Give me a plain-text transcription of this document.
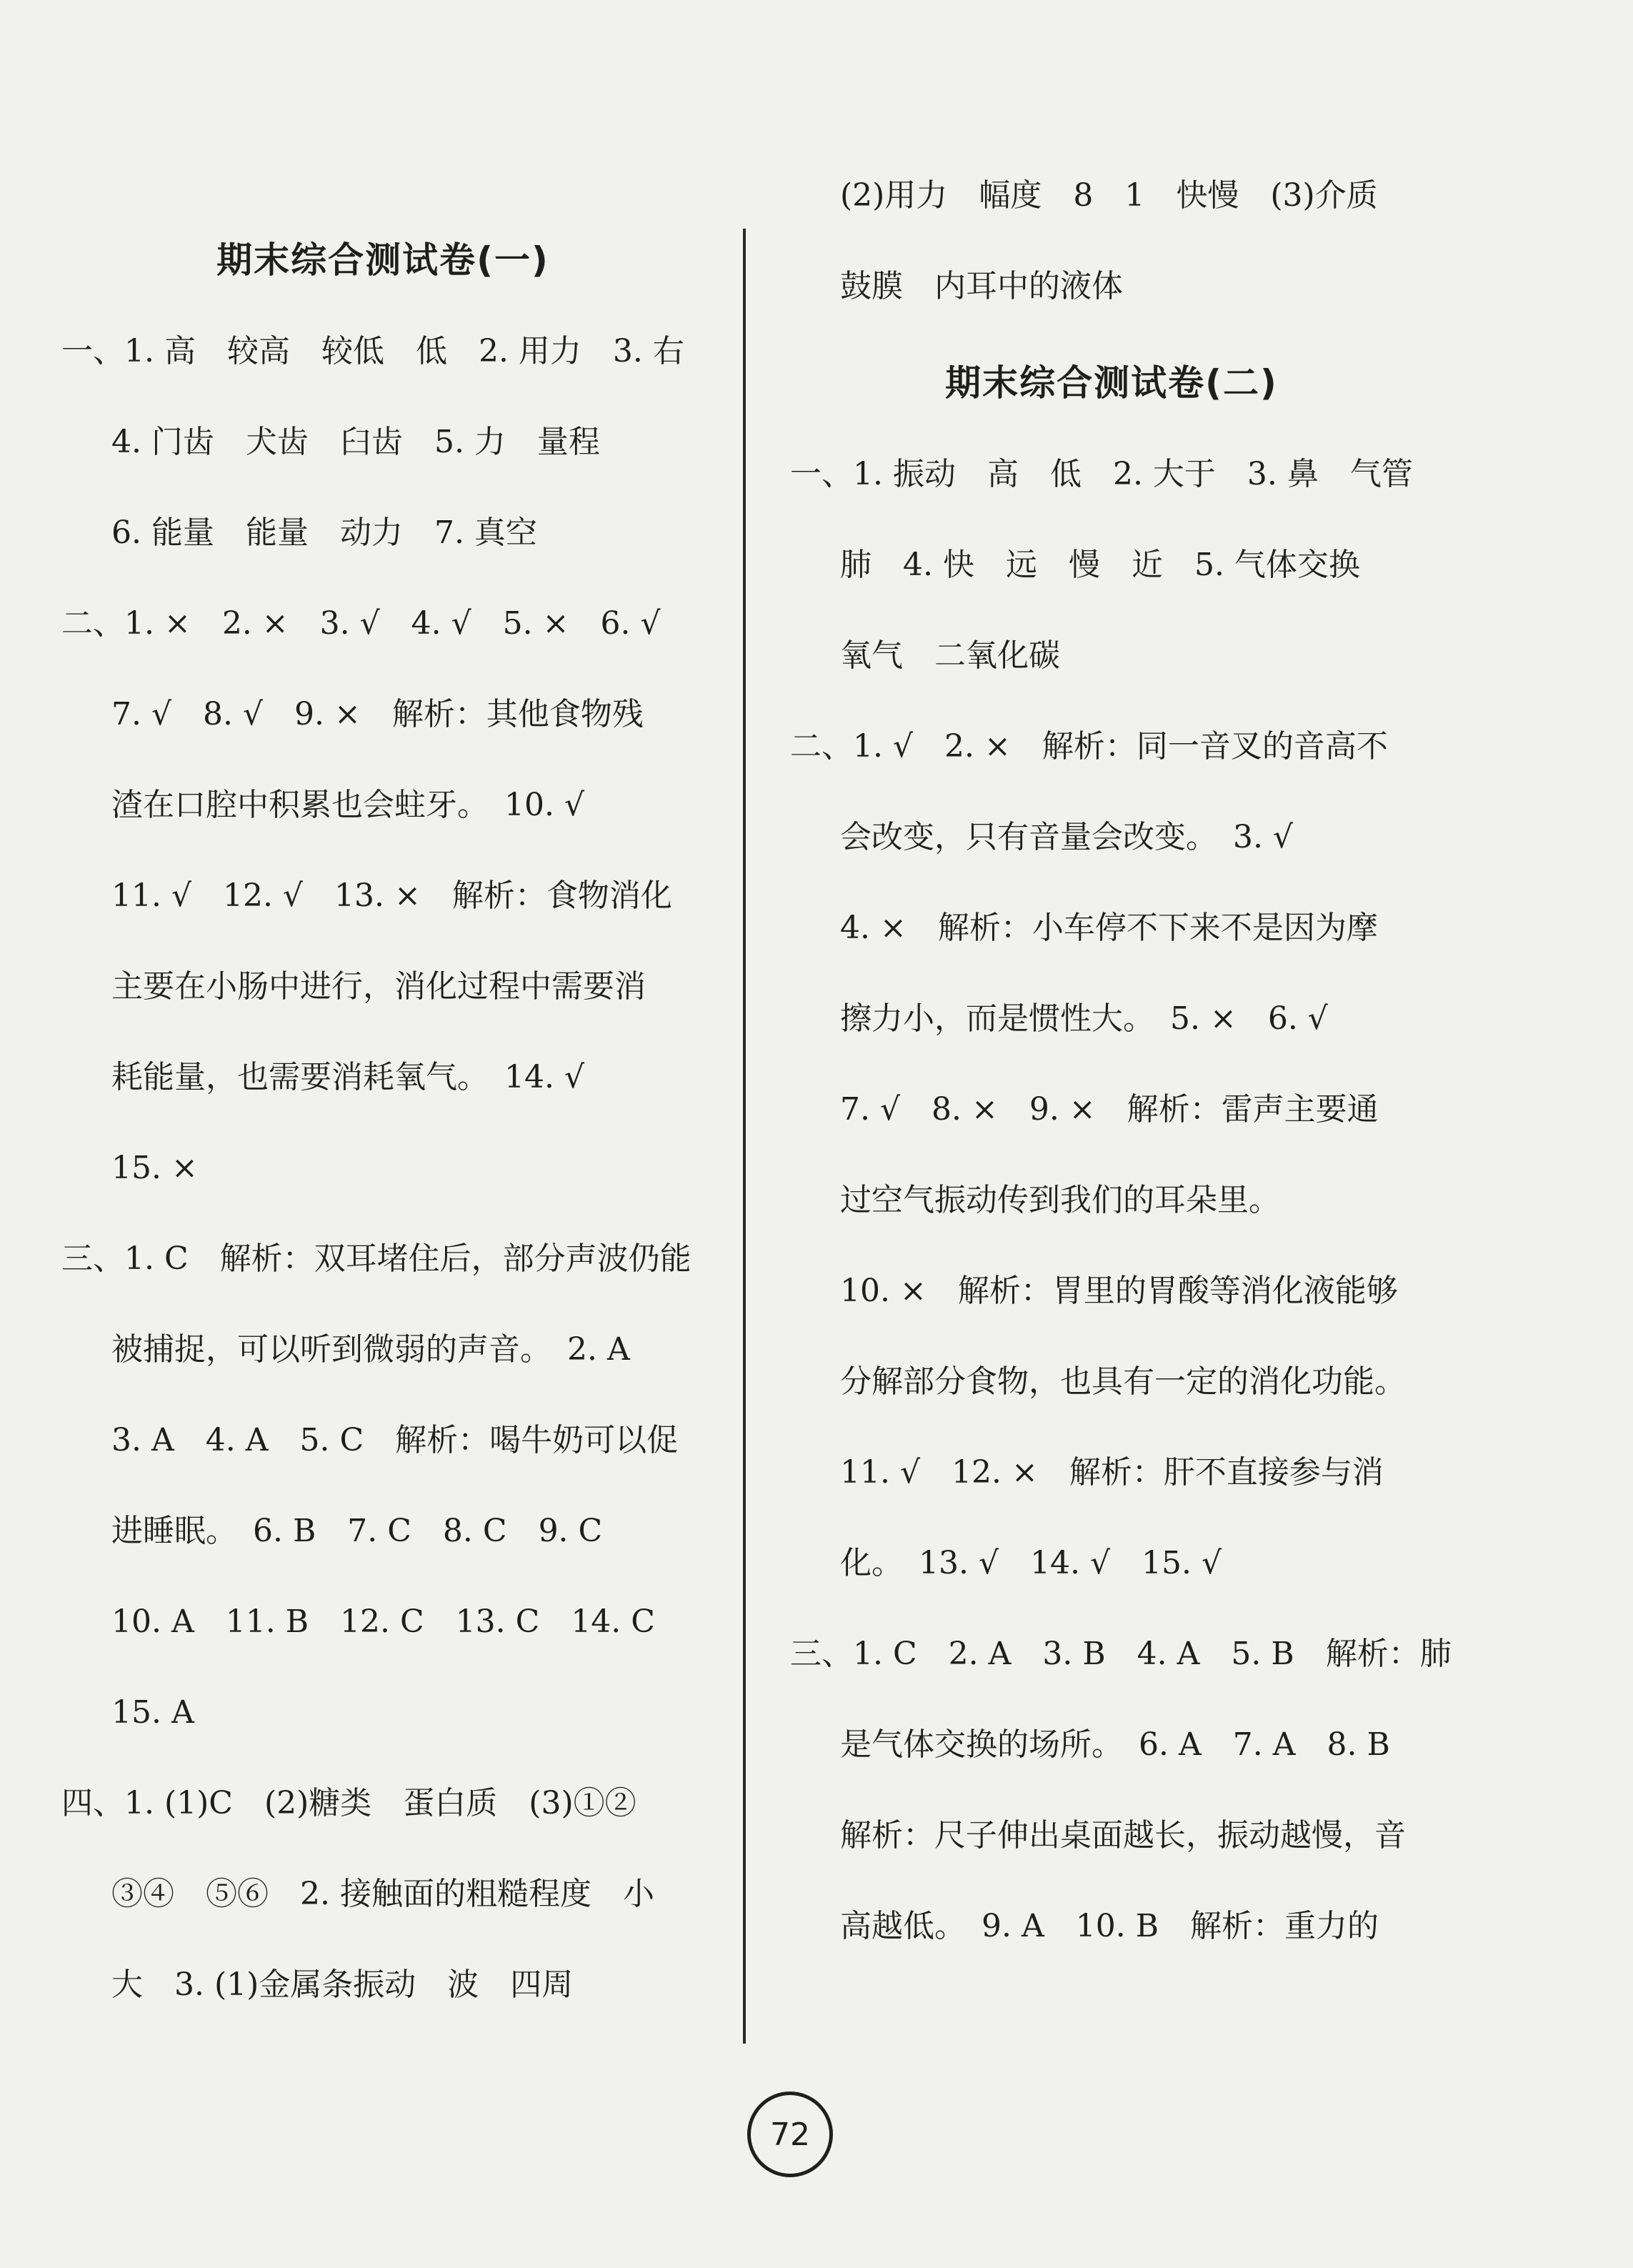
期末综合测试卷(一)
一、1. 高　较高　较低　低　2. 用力　3. 右
4. 门齿　犬齿　臼齿　5. 力　量程
6. 能量　能量　动力　7. 真空
二、1. ×　2. ×　3. √　4. √　5. ×　6. √
7. √　8. √　9. ×　解析：其他食物残
渣在口腔中积累也会蛀牙。　10. √
11. √　12. √　13. ×　解析：食物消化
主要在小肠中进行，消化过程中需要消
耗能量，也需要消耗氧气。　14. √
15. ×
三、1. C　解析：双耳堵住后，部分声波仍能
被捕捉，可以听到微弱的声音。　2. A
3. A　4. A　5. C　解析：喝牛奶可以促
进睡眠。　6. B　7. C　8. C　9. C
10. A　11. B　12. C　13. C　14. C
15. A
四、1. (1)C　(2)糖类　蛋白质　(3)①②
③④　⑤⑥　2. 接触面的粗糙程度　小
大　3. (1)金属条振动　波　四周
(2)用力　幅度　8　1　快慢　(3)介质
鼓膜　内耳中的液体
期末综合测试卷(二)
一、1. 振动　高　低　2. 大于　3. 鼻　气管
肺　4. 快　远　慢　近　5. 气体交换
氧气　二氧化碳
二、1. √　2. ×　解析：同一音叉的音高不
会改变，只有音量会改变。　3. √
4. ×　解析：小车停不下来不是因为摩
擦力小，而是惯性大。　5. ×　6. √
7. √　8. ×　9. ×　解析：雷声主要通
过空气振动传到我们的耳朵里。
10. ×　解析：胃里的胃酸等消化液能够
分解部分食物，也具有一定的消化功能。
11. √　12. ×　解析：肝不直接参与消
化。　13. √　14. √　15. √
三、1. C　2. A　3. B　4. A　5. B　解析：肺
是气体交换的场所。　6. A　7. A　8. B
解析：尺子伸出桌面越长，振动越慢，音
高越低。　9. A　10. B　解析：重力的
72
